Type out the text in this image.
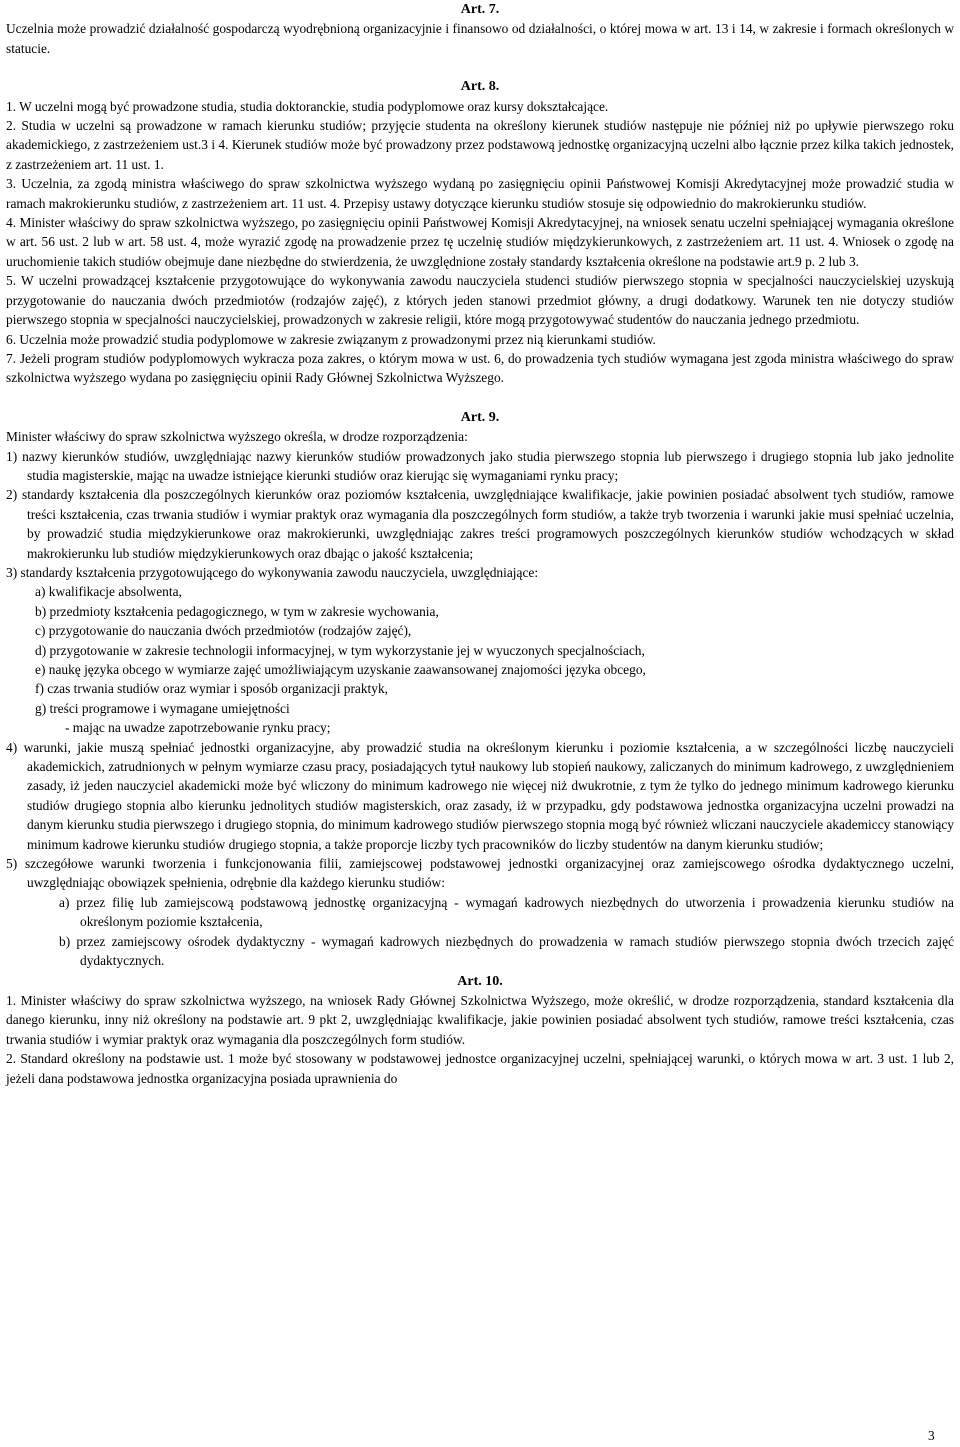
Art. 7.

Uczelnia może prowadzić działalność gospodarczą wyodrębnioną organizacyjnie i finansowo od działalności, o której mowa w art. 13 i 14, w zakresie i formach określonych w statucie.

Art. 8.

1. W uczelni mogą być prowadzone studia, studia doktoranckie, studia podyplomowe oraz kursy dokształcające.

2. Studia w uczelni są prowadzone w ramach kierunku studiów; przyjęcie studenta na określony kierunek studiów następuje nie później niż po upływie pierwszego roku akademickiego, z zastrzeżeniem ust.3 i 4. Kierunek studiów może być prowadzony przez podstawową jednostkę organizacyjną uczelni albo łącznie przez kilka takich jednostek, z zastrzeżeniem art. 11 ust. 1.

3. Uczelnia, za zgodą ministra właściwego do spraw szkolnictwa wyższego wydaną po zasięgnięciu opinii Państwowej Komisji Akredytacyjnej może prowadzić studia w ramach makrokierunku studiów, z zastrzeżeniem art. 11 ust. 4. Przepisy ustawy dotyczące kierunku studiów stosuje się odpowiednio do makrokierunku studiów.

4. Minister właściwy do spraw szkolnictwa wyższego, po zasięgnięciu opinii Państwowej Komisji Akredytacyjnej, na wniosek senatu uczelni spełniającej wymagania określone w art. 56 ust. 2 lub w art. 58 ust. 4, może wyrazić zgodę na prowadzenie przez tę uczelnię studiów międzykierunkowych, z zastrzeżeniem art. 11 ust. 4. Wniosek o zgodę na uruchomienie takich studiów obejmuje dane niezbędne do stwierdzenia, że uwzględnione zostały standardy kształcenia określone na podstawie art.9 p. 2 lub 3.

5. W uczelni prowadzącej kształcenie przygotowujące do wykonywania zawodu nauczyciela studenci studiów pierwszego stopnia w specjalności nauczycielskiej uzyskują przygotowanie do nauczania dwóch przedmiotów (rodzajów zajęć), z których jeden stanowi przedmiot główny, a drugi dodatkowy. Warunek ten nie dotyczy studiów pierwszego stopnia w specjalności nauczycielskiej, prowadzonych w zakresie religii, które mogą przygotowywać studentów do nauczania jednego przedmiotu.

6. Uczelnia może prowadzić studia podyplomowe w zakresie związanym z prowadzonymi przez nią kierunkami studiów.

7. Jeżeli program studiów podyplomowych wykracza poza zakres, o którym mowa w ust. 6, do prowadzenia tych studiów wymagana jest zgoda ministra właściwego do spraw szkolnictwa wyższego wydana po zasięgnięciu opinii Rady Głównej Szkolnictwa Wyższego.

Art. 9.

Minister właściwy do spraw szkolnictwa wyższego określa, w drodze rozporządzenia:

1) nazwy kierunków studiów, uwzględniając nazwy kierunków studiów prowadzonych jako studia pierwszego stopnia lub pierwszego i drugiego stopnia lub jako jednolite studia magisterskie, mając na uwadze istniejące kierunki studiów oraz kierując się wymaganiami rynku pracy;

2) standardy kształcenia dla poszczególnych kierunków oraz poziomów kształcenia, uwzględniające kwalifikacje, jakie powinien posiadać absolwent tych studiów, ramowe treści kształcenia, czas trwania studiów i wymiar praktyk oraz wymagania dla poszczególnych form studiów, a także tryb tworzenia i warunki jakie musi spełniać uczelnia, by prowadzić studia międzykierunkowe oraz makrokierunki, uwzględniając zakres treści programowych poszczególnych kierunków studiów wchodzących w skład makrokierunku lub studiów międzykierunkowych oraz dbając o jakość kształcenia;

3) standardy kształcenia przygotowującego do wykonywania zawodu nauczyciela, uwzględniające:

a) kwalifikacje absolwenta,

b) przedmioty kształcenia pedagogicznego, w tym w zakresie wychowania,

c) przygotowanie do nauczania dwóch przedmiotów (rodzajów zajęć),

d) przygotowanie w zakresie technologii informacyjnej, w tym wykorzystanie jej w wyuczonych specjalnościach,

e) naukę języka obcego w wymiarze zajęć umożliwiającym uzyskanie zaawansowanej znajomości języka obcego,

f) czas trwania studiów oraz wymiar i sposób organizacji praktyk,

g) treści programowe i wymagane umiejętności

- mając na uwadze zapotrzebowanie rynku pracy;

4) warunki, jakie muszą spełniać jednostki organizacyjne, aby prowadzić studia na określonym kierunku i poziomie kształcenia, a w szczególności liczbę nauczycieli akademickich, zatrudnionych w pełnym wymiarze czasu pracy, posiadających tytuł naukowy lub stopień naukowy, zaliczanych do minimum kadrowego, z uwzględnieniem zasady, iż jeden nauczyciel akademicki może być wliczony do minimum kadrowego nie więcej niż dwukrotnie, z tym że tylko do jednego minimum kadrowego kierunku studiów drugiego stopnia albo kierunku jednolitych studiów magisterskich, oraz zasady, iż w przypadku, gdy podstawowa jednostka organizacyjna uczelni prowadzi na danym kierunku studia pierwszego i drugiego stopnia, do minimum kadrowego studiów pierwszego stopnia mogą być również wliczani nauczyciele akademiccy stanowiący minimum kadrowe kierunku studiów drugiego stopnia, a także proporcje liczby tych pracowników do liczby studentów na danym kierunku studiów;

5) szczegółowe warunki tworzenia i funkcjonowania filii, zamiejscowej podstawowej jednostki organizacyjnej oraz zamiejscowego ośrodka dydaktycznego uczelni, uwzględniając obowiązek spełnienia, odrębnie dla każdego kierunku studiów:

a) przez filię lub zamiejscową podstawową jednostkę organizacyjną - wymagań kadrowych niezbędnych do utworzenia i prowadzenia kierunku studiów na określonym poziomie kształcenia,

b) przez zamiejscowy ośrodek dydaktyczny - wymagań kadrowych niezbędnych do prowadzenia w ramach studiów pierwszego stopnia dwóch trzecich zajęć dydaktycznych.

Art. 10.

1. Minister właściwy do spraw szkolnictwa wyższego, na wniosek Rady Głównej Szkolnictwa Wyższego, może określić, w drodze rozporządzenia, standard kształcenia dla danego kierunku, inny niż określony na podstawie art. 9 pkt 2, uwzględniając kwalifikacje, jakie powinien posiadać absolwent tych studiów, ramowe treści kształcenia, czas trwania studiów i wymiar praktyk oraz wymagania dla poszczególnych form studiów.

2. Standard określony na podstawie ust. 1 może być stosowany w podstawowej jednostce organizacyjnej uczelni, spełniającej warunki, o których mowa w art. 3 ust. 1 lub 2, jeżeli dana podstawowa jednostka organizacyjna posiada uprawnienia do

3
